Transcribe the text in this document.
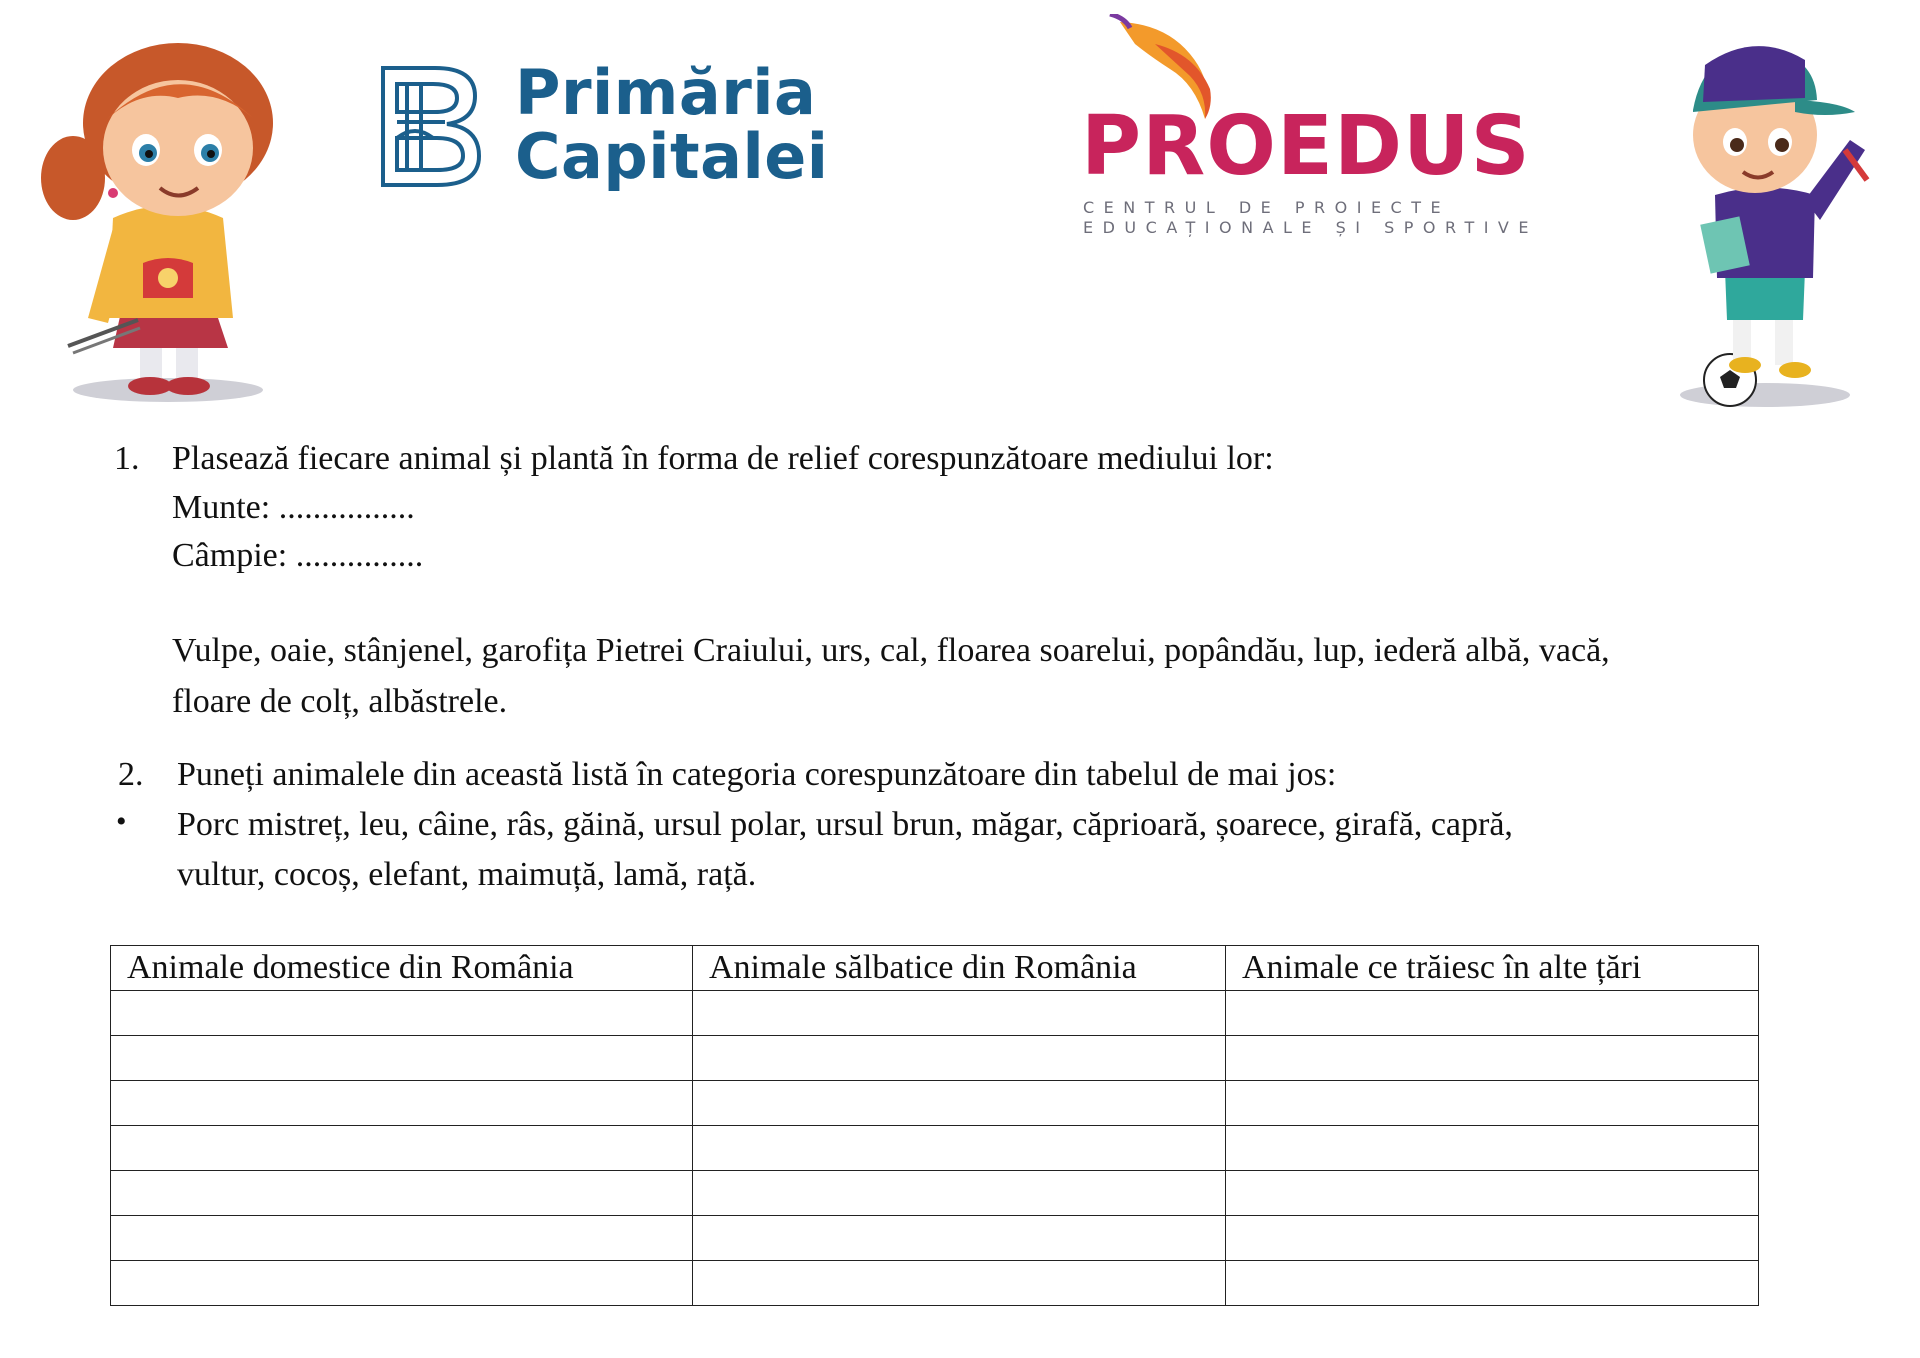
Primăria
Capitalei	PROEDUS
CENTRUL DE PROIECTE
EDUCAȚIONALE ȘI SPORTIVE
1. Plasează fiecare animal și plantă în forma de relief corespunzătoare mediului lor:
Munte: ................
Câmpie: ...............
Vulpe, oaie, stânjenel, garofița Pietrei Craiului, urs, cal, floarea soarelui, popândău, lup, iederă albă, vacă,
floare de colț, albăstrele.
2. Puneți animalele din această listă în categoria corespunzătoare din tabelul de mai jos:
• Porc mistreț, leu, câine, râs, găină, ursul polar, ursul brun, măgar, căprioară, șoarece, girafă, capră,
vultur, cocoș, elefant, maimuță, lamă, rață.
Animale domestice din România	Animale sălbatice din România	Animale ce trăiesc în alte țări
